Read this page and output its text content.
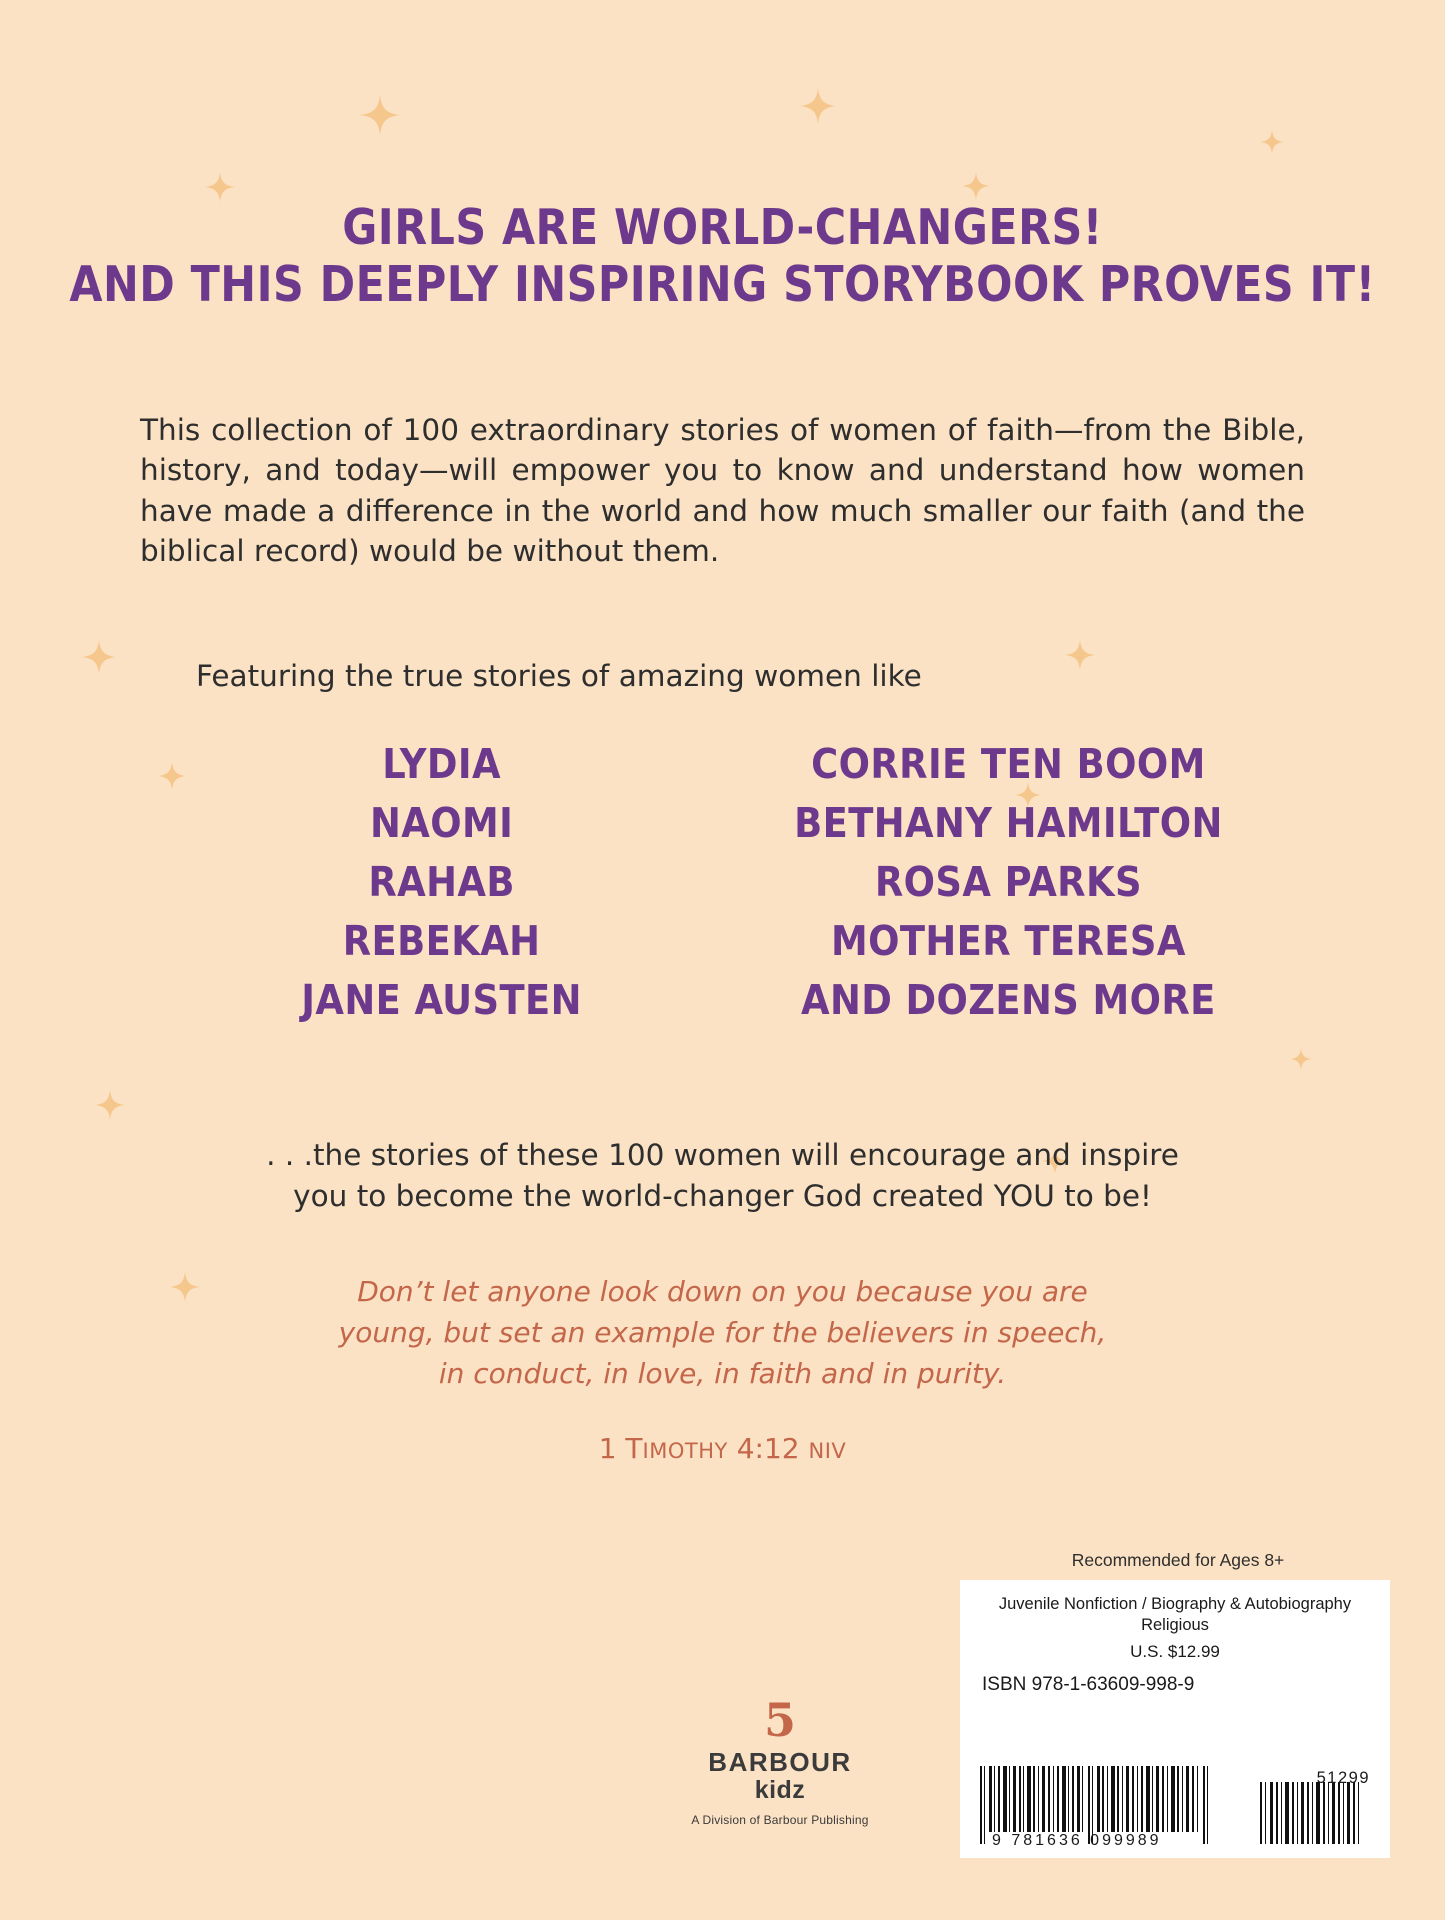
GIRLS ARE WORLD-CHANGERS!
AND THIS DEEPLY INSPIRING STORYBOOK PROVES IT!

This collection of 100 extraordinary stories of women of faith—from the Bible, history, and today—will empower you to know and understand how women have made a difference in the world and how much smaller our faith (and the biblical record) would be without them.

Featuring the true stories of amazing women like
LYDIA
NAOMI
RAHAB
REBEKAH
JANE AUSTEN
CORRIE TEN BOOM
BETHANY HAMILTON
ROSA PARKS
MOTHER TERESA
AND DOZENS MORE

. . .the stories of these 100 women will encourage and inspire

you to become the world-changer God created YOU to be!

Don’t let anyone look down on you because you are

young, but set an example for the believers in speech,

in conduct, in love, in faith and in purity.

1 TIMOTHY 4:12 NIV
Recommended for Ages 8+
Juvenile Nonfiction / Biography & Autobiography
Religious
U.S. $12.99
ISBN 978-1-63609-998-9
9 781636 099989
51299
5
BARBOUR
kidz
A Division of Barbour Publishing
